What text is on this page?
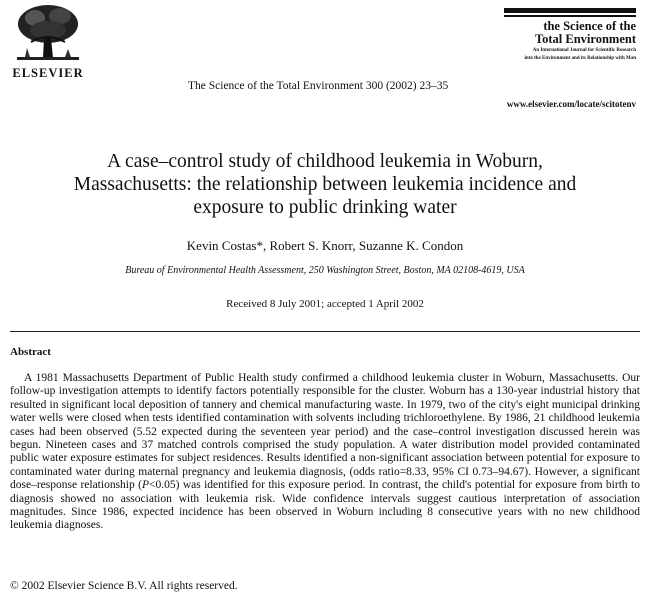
ELSEVIER
The Science of the Total Environment 300 (2002) 23–35
the Science of the
Total Environment
An International Journal for Scientific Research
into the Environment and its Relationship with Man
www.elsevier.com/locate/scitotenv
A case–control study of childhood leukemia in Woburn,
Massachusetts: the relationship between leukemia incidence and
exposure to public drinking water
Kevin Costas*, Robert S. Knorr, Suzanne K. Condon
Bureau of Environmental Health Assessment, 250 Washington Street, Boston, MA 02108-4619, USA
Received 8 July 2001; accepted 1 April 2002
Abstract
A 1981 Massachusetts Department of Public Health study confirmed a childhood leukemia cluster in Woburn, Massachusetts. Our follow-up investigation attempts to identify factors potentially responsible for the cluster. Woburn has a 130-year industrial history that resulted in significant local deposition of tannery and chemical manufacturing waste. In 1979, two of the city's eight municipal drinking water wells were closed when tests identified contamination with solvents including trichloroethylene. By 1986, 21 childhood leukemia cases had been observed (5.52 expected during the seventeen year period) and the case–control investigation discussed herein was begun. Nineteen cases and 37 matched controls comprised the study population. A water distribution model provided contaminated public water exposure estimates for subject residences. Results identified a non-significant association between potential for exposure to contaminated water during maternal pregnancy and leukemia diagnosis, (odds ratio=8.33, 95% CI 0.73–94.67). However, a significant dose–response relationship (P<0.05) was identified for this exposure period. In contrast, the child's potential for exposure from birth to diagnosis showed no association with leukemia risk. Wide confidence intervals suggest cautious interpretation of association magnitudes. Since 1986, expected incidence has been observed in Woburn including 8 consecutive years with no new childhood leukemia diagnoses.
© 2002 Elsevier Science B.V. All rights reserved.
